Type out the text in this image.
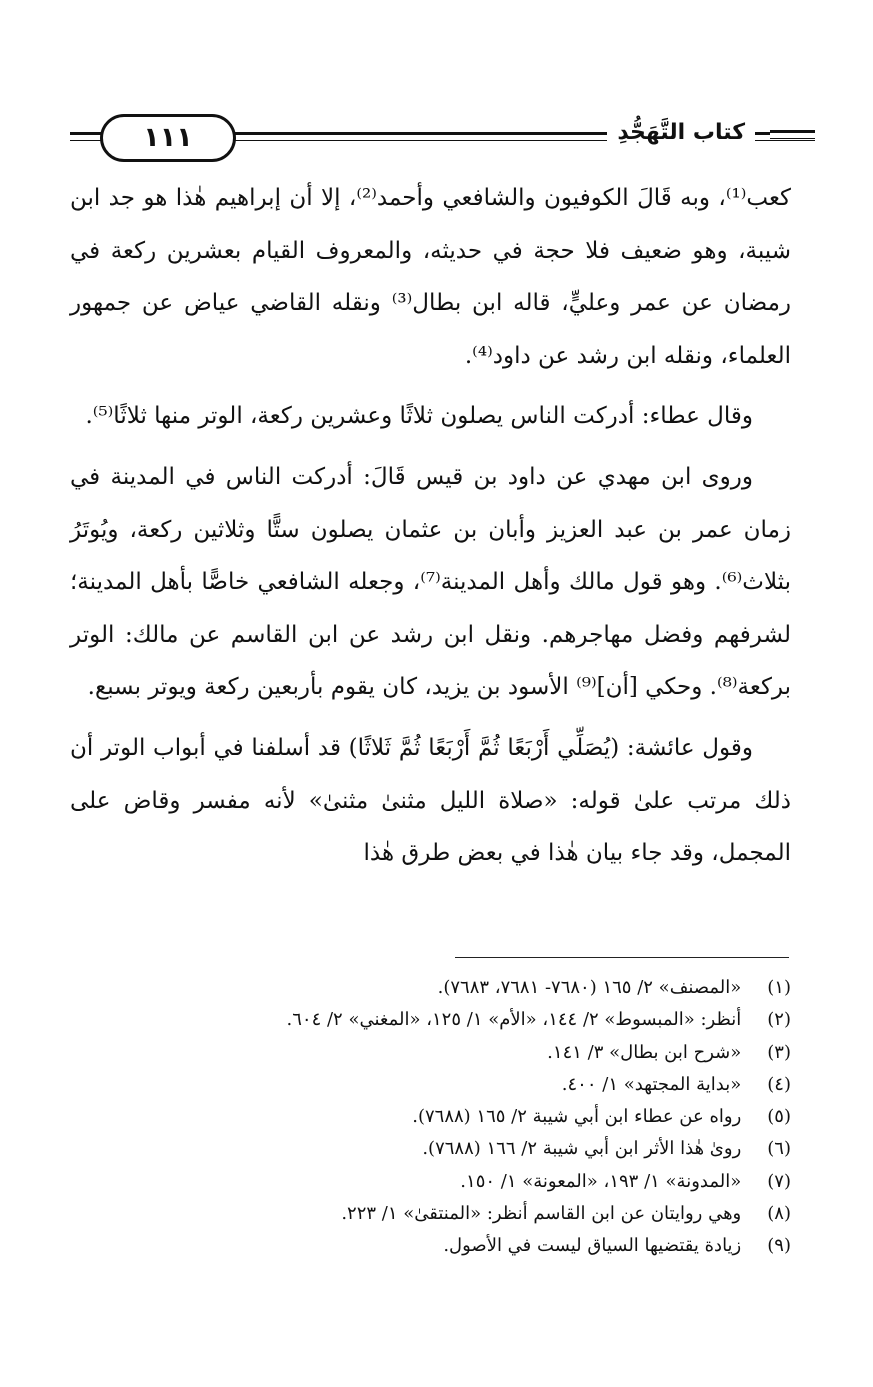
١١١	كتاب التَّهَجُّدِ

كعب⁽¹⁾، وبه قَالَ الكوفيون والشافعي وأحمد⁽²⁾، إلا أن إبراهيم هٰذا هو جد ابن شيبة، وهو ضعيف فلا حجة في حديثه، والمعروف القيام بعشرين ركعة في رمضان عن عمر وعليٍّ، قاله ابن بطال⁽³⁾ ونقله القاضي عياض عن جمهور العلماء، ونقله ابن رشد عن داود⁽⁴⁾.

وقال عطاء: أدركت الناس يصلون ثلاثًا وعشرين ركعة، الوتر منها ثلاثًا⁽⁵⁾.

وروى ابن مهدي عن داود بن قيس قَالَ: أدركت الناس في المدينة في زمان عمر بن عبد العزيز وأبان بن عثمان يصلون ستًّا وثلاثين ركعة، ويُوتَرُ بثلاث⁽⁶⁾. وهو قول مالك وأهل المدينة⁽⁷⁾، وجعله الشافعي خاصًّا بأهل المدينة؛ لشرفهم وفضل مهاجرهم. ونقل ابن رشد عن ابن القاسم عن مالك: الوتر بركعة⁽⁸⁾. وحكي [أن]⁽⁹⁾ الأسود بن يزيد، كان يقوم بأربعين ركعة ويوتر بسبع.

وقول عائشة: (يُصَلِّي أَرْبَعًا ثُمَّ أَرْبَعًا ثُمَّ ثَلاثًا) قد أسلفنا في أبواب الوتر أن ذلك مرتب علىٰ قوله: «صلاة الليل مثنىٰ مثنىٰ» لأنه مفسر وقاض على المجمل، وقد جاء بيان هٰذا في بعض طرق هٰذا

(١) «المصنف» ٢/ ١٦٥ (٧٦٨٠- ٧٦٨١، ٧٦٨٣).
(٢) أنظر: «المبسوط» ٢/ ١٤٤، «الأم» ١/ ١٢٥، «المغني» ٢/ ٦٠٤.
(٣) «شرح ابن بطال» ٣/ ١٤١.
(٤) «بداية المجتهد» ١/ ٤٠٠.
(٥) رواه عن عطاء ابن أبي شيبة ٢/ ١٦٥ (٧٦٨٨).
(٦) روىٰ هٰذا الأثر ابن أبي شيبة ٢/ ١٦٦ (٧٦٨٨).
(٧) «المدونة» ١/ ١٩٣، «المعونة» ١/ ١٥٠.
(٨) وهي روايتان عن ابن القاسم أنظر: «المنتقىٰ» ١/ ٢٢٣.
(٩) زيادة يقتضيها السياق ليست في الأصول.
